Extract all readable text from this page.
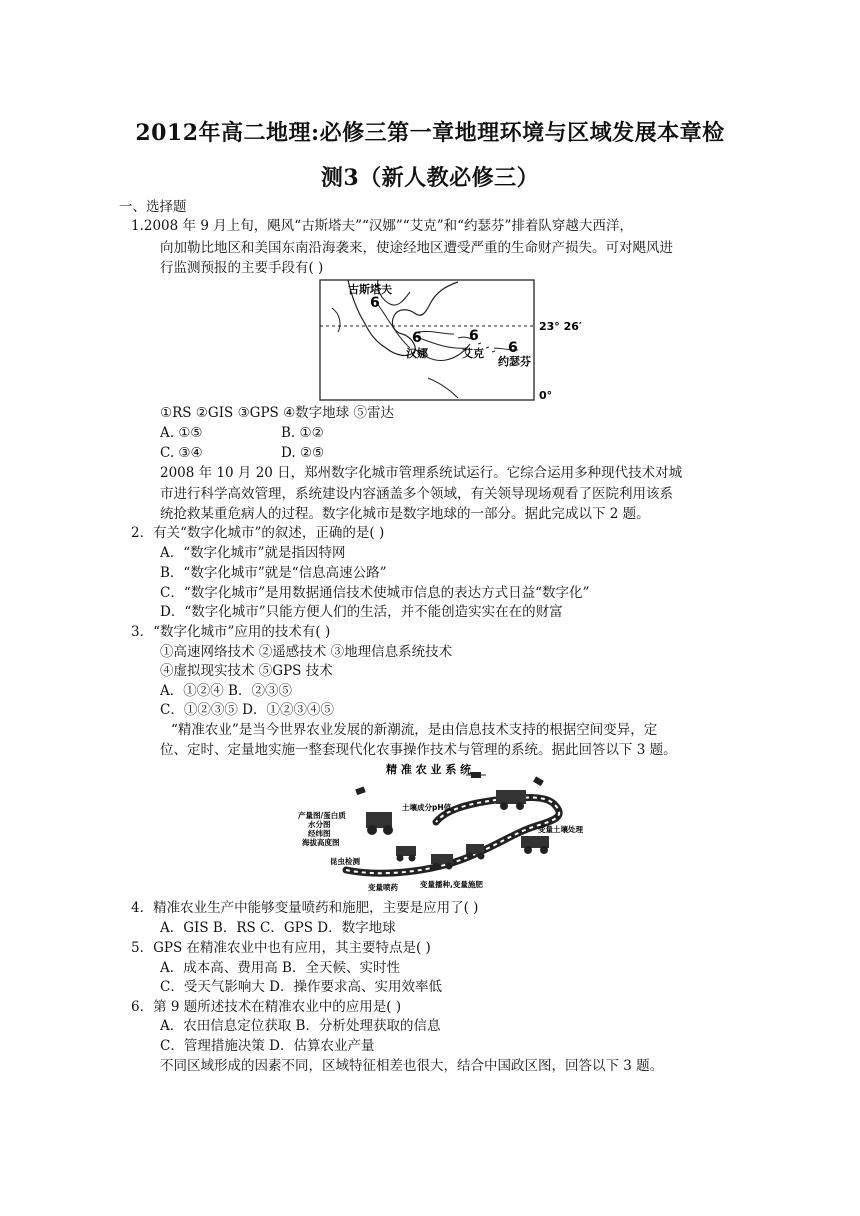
2012年高二地理:必修三第一章地理环境与区域发展本章检
测3（新人教必修三）
一、选择题
1.2008 年 9 月上旬，飓风“古斯塔夫”“汉娜”“艾克”和“约瑟芬”排着队穿越大西洋，
向加勒比地区和美国东南沿海袭来，使途经地区遭受严重的生命财产损失。可对飓风进
行监测预报的主要手段有( )
6
6	6
6
古斯塔夫
汉娜	艾克
约瑟芬
23° 26′
0°
①RS ②GIS ③GPS ④数字地球 ⑤雷达
A. ①⑤	B. ①②
C. ③④	D. ②⑤
2008 年 10 月 20 日，郑州数字化城市管理系统试运行。它综合运用多种现代技术对城
市进行科学高效管理，系统建设内容涵盖多个领域，有关领导现场观看了医院利用该系
统抢救某重危病人的过程。数字化城市是数字地球的一部分。据此完成以下 2 题。
2．有关“数字化城市”的叙述，正确的是( )
A．“数字化城市”就是指因特网
B．“数字化城市”就是“信息高速公路”
C．“数字化城市”是用数据通信技术使城市信息的表达方式日益“数字化”
D．“数字化城市”只能方便人们的生活，并不能创造实实在在的财富
3．“数字化城市”应用的技术有( )
①高速网络技术 ②遥感技术 ③地理信息系统技术
④虚拟现实技术 ⑤GPS 技术
A．①②④ B．②③⑤
C．①②③⑤ D．①②③④⑤
“精准农业”是当今世界农业发展的新潮流，是由信息技术支持的根据空间变异，定
位、定时、定量地实施一整套现代化农事操作技术与管理的系统。据此回答以下 3 题。
精 准 农 业 系 统
产量图/蛋白质
水分图
经纬图
海拔高度图
土壤成分pH值
变量土壤处理
昆虫检测
变量喷药	变量播种,变量施肥
4．精准农业生产中能够变量喷药和施肥，主要是应用了( )
A．GIS B．RS C．GPS D．数字地球
5．GPS 在精准农业中也有应用，其主要特点是( )
A．成本高、费用高 B．全天候、实时性
C．受天气影响大 D．操作要求高、实用效率低
6．第 9 题所述技术在精准农业中的应用是( )
A．农田信息定位获取 B．分析处理获取的信息
C．管理措施决策 D．估算农业产量
不同区域形成的因素不同，区域特征相差也很大，结合中国政区图，回答以下 3 题。
